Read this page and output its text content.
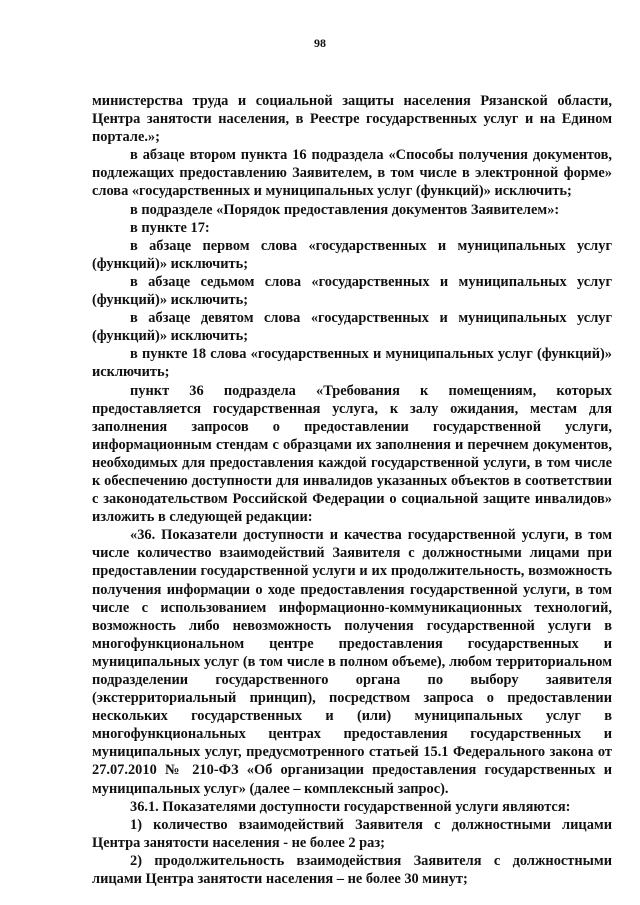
98

министерства труда и социальной защиты населения Рязанской области, Центра занятости населения, в Реестре государственных услуг и на Едином портале.»;

в абзаце втором пункта 16 подраздела «Способы получения документов, подлежащих предоставлению Заявителем, в том числе в электронной форме» слова «государственных и муниципальных услуг (функций)» исключить;

в подразделе «Порядок предоставления документов Заявителем»:

в пункте 17:

в абзаце первом слова «государственных и муниципальных услуг (функций)» исключить;

в абзаце седьмом слова «государственных и муниципальных услуг (функций)» исключить;

в абзаце девятом слова «государственных и муниципальных услуг (функций)» исключить;

в пункте 18 слова «государственных и муниципальных услуг (функций)» исключить;

пункт 36 подраздела «Требования к помещениям, которых предоставляется государственная услуга, к залу ожидания, местам для заполнения запросов о предоставлении государственной услуги, информационным стендам с образцами их заполнения и перечнем документов, необходимых для предоставления каждой государственной услуги, в том числе к обеспечению доступности для инвалидов указанных объектов в соответствии с законодательством Российской Федерации о социальной защите инвалидов» изложить в следующей редакции:

«36. Показатели доступности и качества государственной услуги, в том числе количество взаимодействий Заявителя с должностными лицами при предоставлении государственной услуги и их продолжительность, возможность получения информации о ходе предоставления государственной услуги, в том числе с использованием информационно-коммуникационных технологий, возможность либо невозможность получения государственной услуги в многофункциональном центре предоставления государственных и муниципальных услуг (в том числе в полном объеме), любом территориальном подразделении государственного органа по выбору заявителя (экстерриториальный принцип), посредством запроса о предоставлении нескольких государственных и (или) муниципальных услуг в многофункциональных центрах предоставления государственных и муниципальных услуг, предусмотренного статьей 15.1 Федерального закона от 27.07.2010 № 210-ФЗ «Об организации предоставления государственных и муниципальных услуг» (далее – комплексный запрос).

36.1. Показателями доступности государственной услуги являются:

1) количество взаимодействий Заявителя с должностными лицами Центра занятости населения - не более 2 раз;

2) продолжительность взаимодействия Заявителя с должностными лицами Центра занятости населения – не более 30 минут;
